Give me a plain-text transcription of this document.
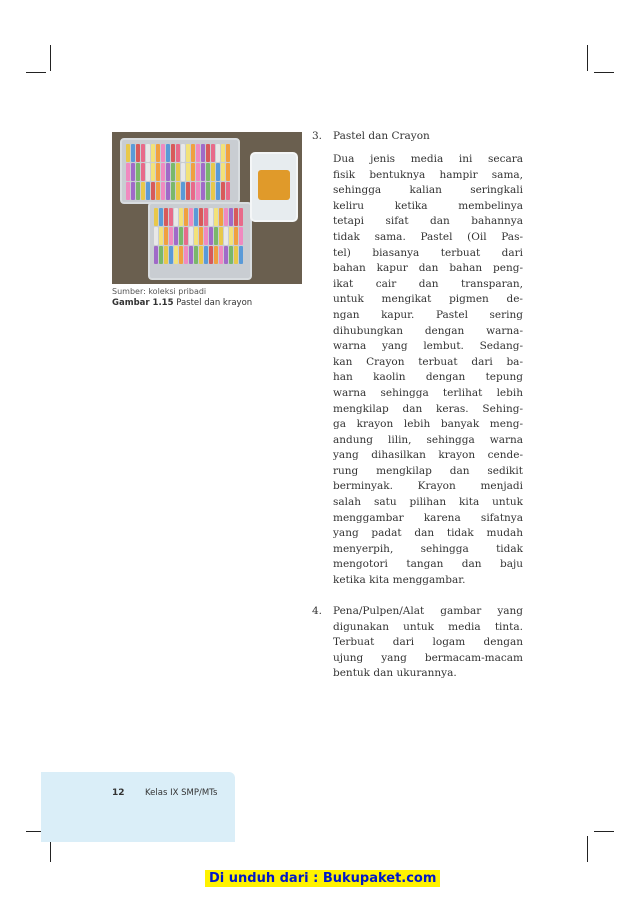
Sumber: koleksi pribadi
Gambar 1.15 Pastel dan krayon
3. Pastel dan Crayon
Dua jenis media ini secara
fisik bentuknya hampir sama,
sehingga kalian seringkali
keliru ketika membelinya
tetapi sifat dan bahannya
tidak sama. Pastel (Oil Pas-
tel) biasanya terbuat dari
bahan kapur dan bahan peng-
ikat cair dan transparan,
untuk mengikat pigmen de-
ngan kapur. Pastel sering
dihubungkan dengan warna-
warna yang lembut. Sedang-
kan Crayon terbuat dari ba-
han kaolin dengan tepung
warna sehingga terlihat lebih
mengkilap dan keras. Sehing-
ga krayon lebih banyak meng-
andung lilin, sehingga warna
yang dihasilkan krayon cende-
rung mengkilap dan sedikit
berminyak. Krayon menjadi
salah satu pilihan kita untuk
menggambar karena sifatnya
yang padat dan tidak mudah
menyerpih, sehingga tidak
mengotori tangan dan baju
ketika kita menggambar.
4. Pena/Pulpen/Alat gambar yang
digunakan untuk media tinta.
Terbuat dari logam dengan
ujung yang bermacam-macam
bentuk dan ukurannya.
12 Kelas IX SMP/MTs
Di unduh dari : Bukupaket.com
